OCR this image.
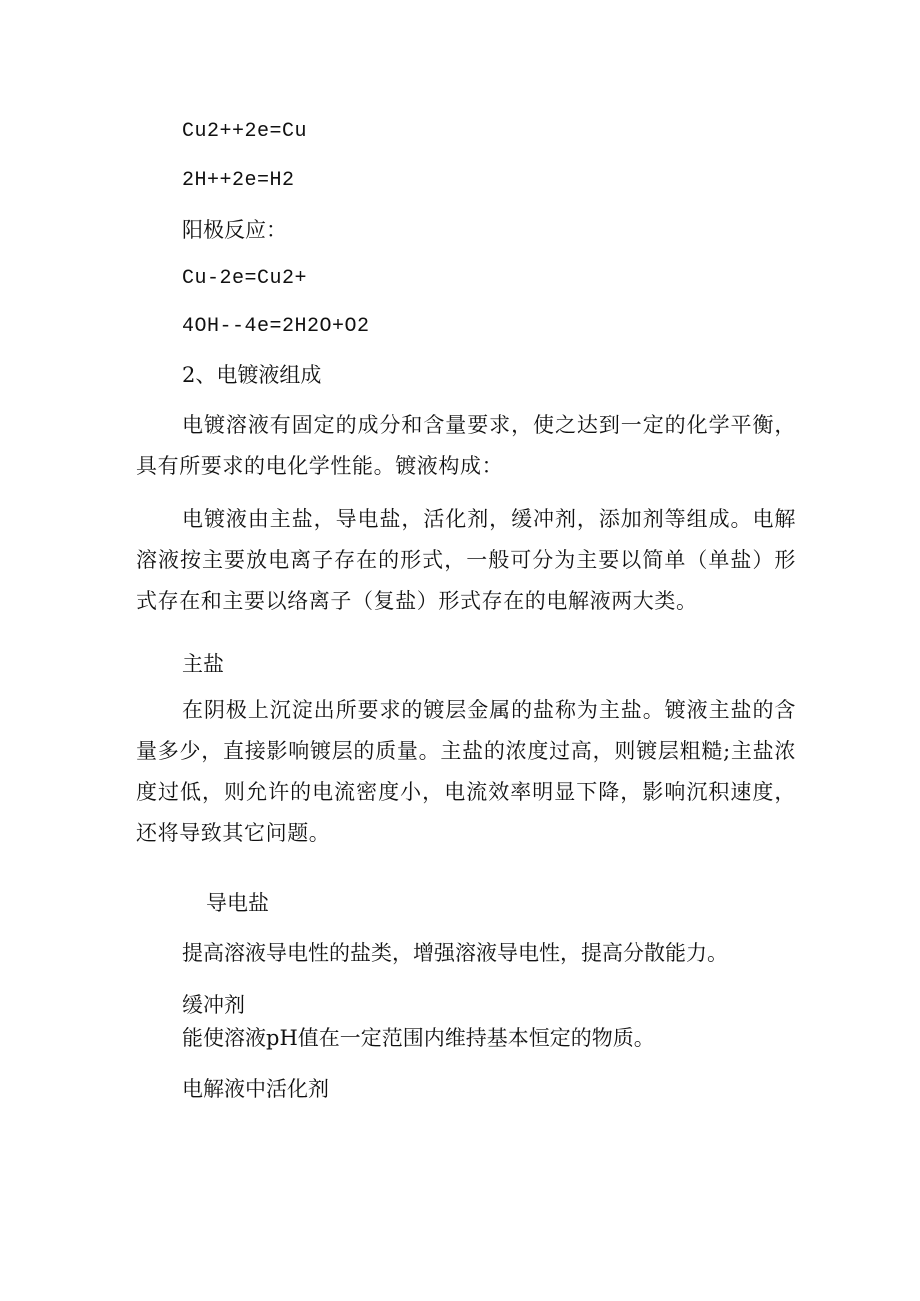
Cu2++2e=Cu

2H++2e=H2

阳极反应：

Cu-2e=Cu2+

4OH--4e=2H2O+O2

2、电镀液组成

电镀溶液有固定的成分和含量要求，使之达到一定的化学平衡，具有所要求的电化学性能。镀液构成：

电镀液由主盐，导电盐，活化剂，缓冲剂，添加剂等组成。电解溶液按主要放电离子存在的形式，一般可分为主要以简单（单盐）形式存在和主要以络离子（复盐）形式存在的电解液两大类。

主盐

在阴极上沉淀出所要求的镀层金属的盐称为主盐。镀液主盐的含量多少，直接影响镀层的质量。主盐的浓度过高，则镀层粗糙;主盐浓度过低，则允许的电流密度小，电流效率明显下降，影响沉积速度，还将导致其它问题。

导电盐

提高溶液导电性的盐类，增强溶液导电性，提高分散能力。

缓冲剂

能使溶液pH值在一定范围内维持基本恒定的物质。

电解液中活化剂
